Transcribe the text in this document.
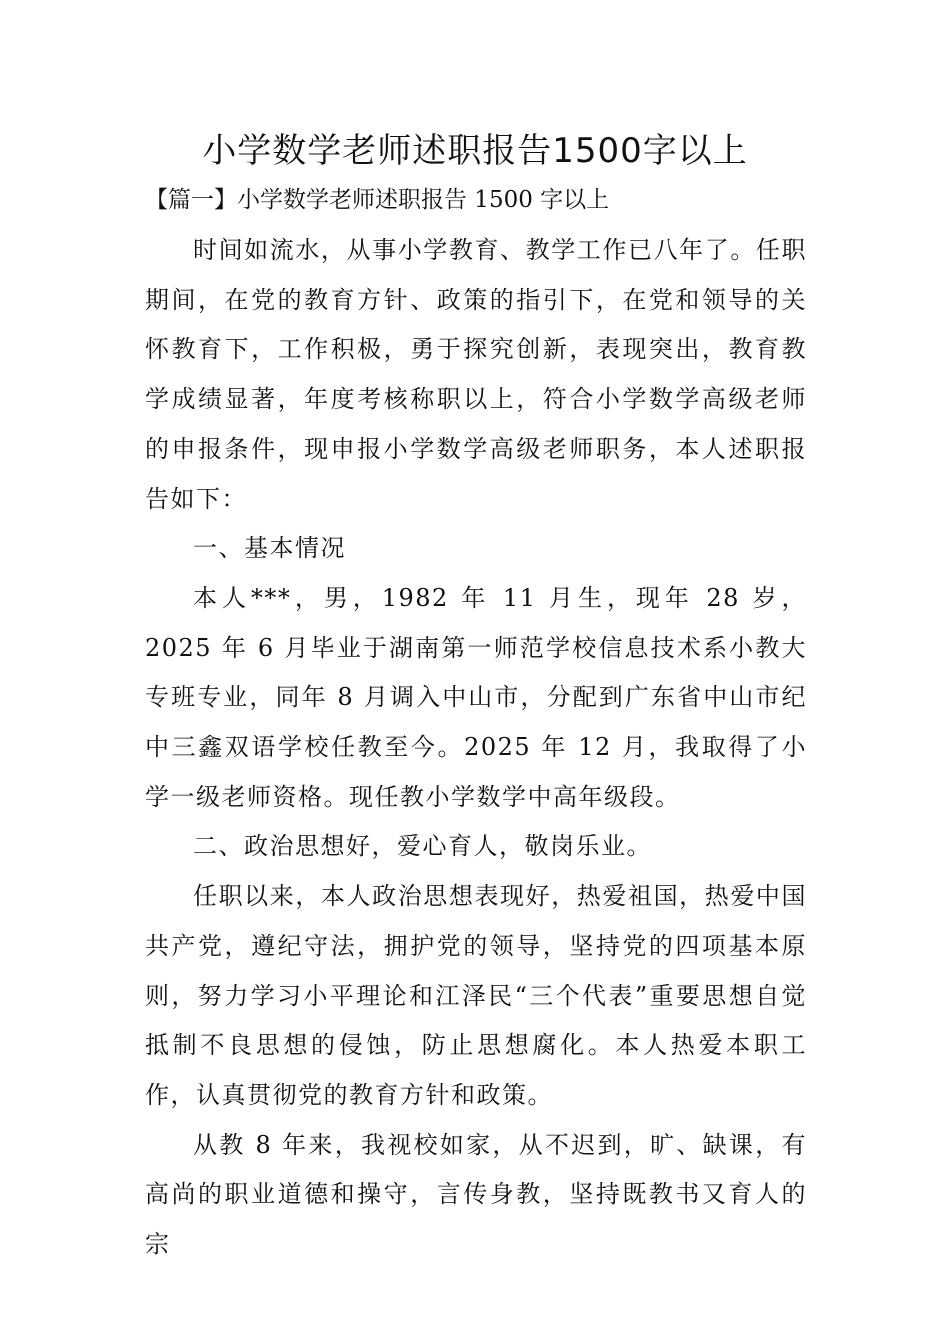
小学数学老师述职报告1500字以上

【篇一】小学数学老师述职报告 1500 字以上

时间如流水，从事小学教育、教学工作已八年了。任职期间，在党的教育方针、政策的指引下，在党和领导的关怀教育下，工作积极，勇于探究创新，表现突出，教育教学成绩显著，年度考核称职以上，符合小学数学高级老师的申报条件，现申报小学数学高级老师职务，本人述职报告如下：

一、基本情况

本人***，男，1982 年 11 月生，现年 28 岁，2025 年 6 月毕业于湖南第一师范学校信息技术系小教大专班专业，同年 8 月调入中山市，分配到广东省中山市纪中三鑫双语学校任教至今。2025 年 12 月，我取得了小学一级老师资格。现任教小学数学中高年级段。

二、政治思想好，爱心育人，敬岗乐业。

任职以来，本人政治思想表现好，热爱祖国，热爱中国共产党，遵纪守法，拥护党的领导，坚持党的四项基本原则，努力学习小平理论和江泽民“三个代表”重要思想自觉抵制不良思想的侵蚀，防止思想腐化。本人热爱本职工作，认真贯彻党的教育方针和政策。

从教 8 年来，我视校如家，从不迟到，旷、缺课，有高尚的职业道德和操守，言传身教，坚持既教书又育人的宗
